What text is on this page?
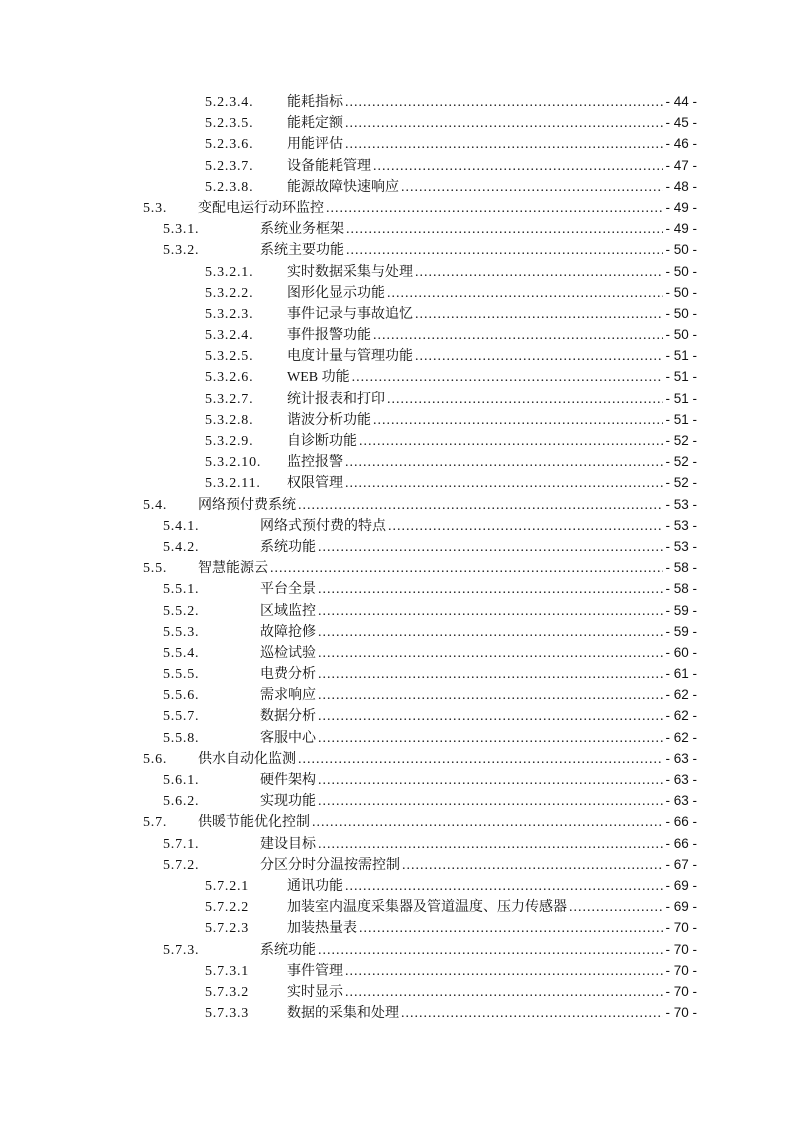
5.2.3.4.	能耗指标 .....	- 44 -
5.2.3.5.	能耗定额 .....	- 45 -
5.2.3.6.	用能评估 .....	- 46 -
5.2.3.7.	设备能耗管理 .....	- 47 -
5.2.3.8.	能源故障快速响应 .....	- 48 -
5.3.	变配电运行动环监控 .....	- 49 -
5.3.1.	系统业务框架 .....	- 49 -
5.3.2.	系统主要功能 .....	- 50 -
5.3.2.1.	实时数据采集与处理 .....	- 50 -
5.3.2.2.	图形化显示功能 .....	- 50 -
5.3.2.3.	事件记录与事故追忆 .....	- 50 -
5.3.2.4.	事件报警功能 .....	- 50 -
5.3.2.5.	电度计量与管理功能 .....	- 51 -
5.3.2.6.	WEB 功能 .....	- 51 -
5.3.2.7.	统计报表和打印 .....	- 51 -
5.3.2.8.	谐波分析功能 .....	- 51 -
5.3.2.9.	自诊断功能 .....	- 52 -
5.3.2.10.	监控报警 .....	- 52 -
5.3.2.11.	权限管理 .....	- 52 -
5.4.	网络预付费系统 .....	- 53 -
5.4.1.	网络式预付费的特点 .....	- 53 -
5.4.2.	系统功能 .....	- 53 -
5.5.	智慧能源云 .....	- 58 -
5.5.1.	平台全景 .....	- 58 -
5.5.2.	区域监控 .....	- 59 -
5.5.3.	故障抢修 .....	- 59 -
5.5.4.	巡检试验 .....	- 60 -
5.5.5.	电费分析 .....	- 61 -
5.5.6.	需求响应 .....	- 62 -
5.5.7.	数据分析 .....	- 62 -
5.5.8.	客服中心 .....	- 62 -
5.6.	供水自动化监测 .....	- 63 -
5.6.1.	硬件架构 .....	- 63 -
5.6.2.	实现功能 .....	- 63 -
5.7.	供暖节能优化控制 .....	- 66 -
5.7.1.	建设目标 .....	- 66 -
5.7.2.	分区分时分温按需控制 .....	- 67 -
5.7.2.1	通讯功能 .....	- 69 -
5.7.2.2	加装室内温度采集器及管道温度、压力传感器 .....	- 69 -
5.7.2.3	加装热量表 .....	- 70 -
5.7.3.	系统功能 .....	- 70 -
5.7.3.1	事件管理 .....	- 70 -
5.7.3.2	实时显示 .....	- 70 -
5.7.3.3	数据的采集和处理 .....	- 70 -
